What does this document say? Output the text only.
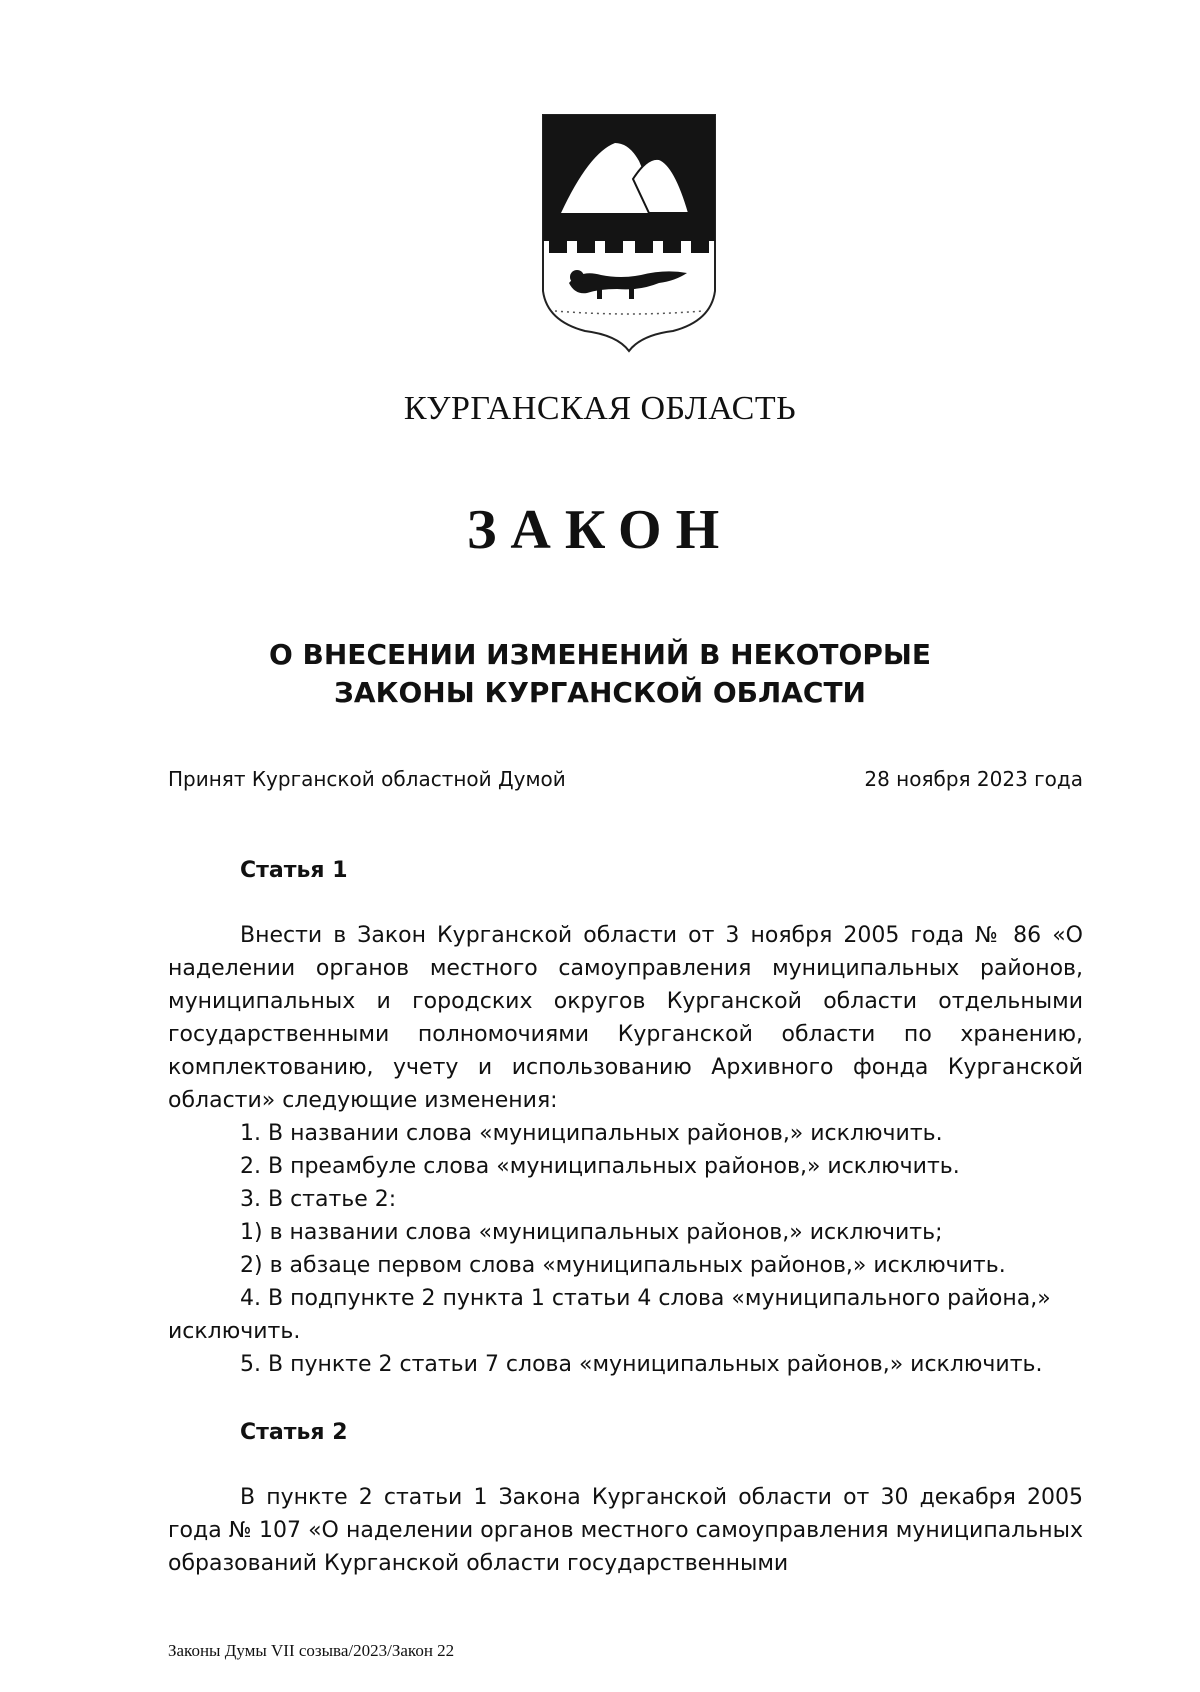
КУРГАНСКАЯ ОБЛАСТЬ
ЗАКОН
О ВНЕСЕНИИ ИЗМЕНЕНИЙ В НЕКОТОРЫЕ
ЗАКОНЫ КУРГАНСКОЙ ОБЛАСТИ
Принят Курганской областной Думой	28 ноября 2023 года
Статья 1

Внести в Закон Курганской области от 3 ноября 2005 года № 86 «О наделении органов местного самоуправления муниципальных районов, муниципальных и городских округов Курганской области отдельными государственными полномочиями Курганской области по хранению, комплектованию, учету и использованию Архивного фонда Курганской области» следующие изменения:

1. В названии слова «муниципальных районов,» исключить.

2. В преамбуле слова «муниципальных районов,» исключить.

3. В статье 2:

1) в названии слова «муниципальных районов,» исключить;

2) в абзаце первом слова «муниципальных районов,» исключить.

4. В подпункте 2 пункта 1 статьи 4 слова «муниципального района,» исключить.

5. В пункте 2 статьи 7 слова «муниципальных районов,» исключить.

Статья 2

В пункте 2 статьи 1 Закона Курганской области от 30 декабря 2005 года № 107 «О наделении органов местного самоуправления муниципальных образований Курганской области государственными

Законы Думы VII созыва/2023/Закон 22
